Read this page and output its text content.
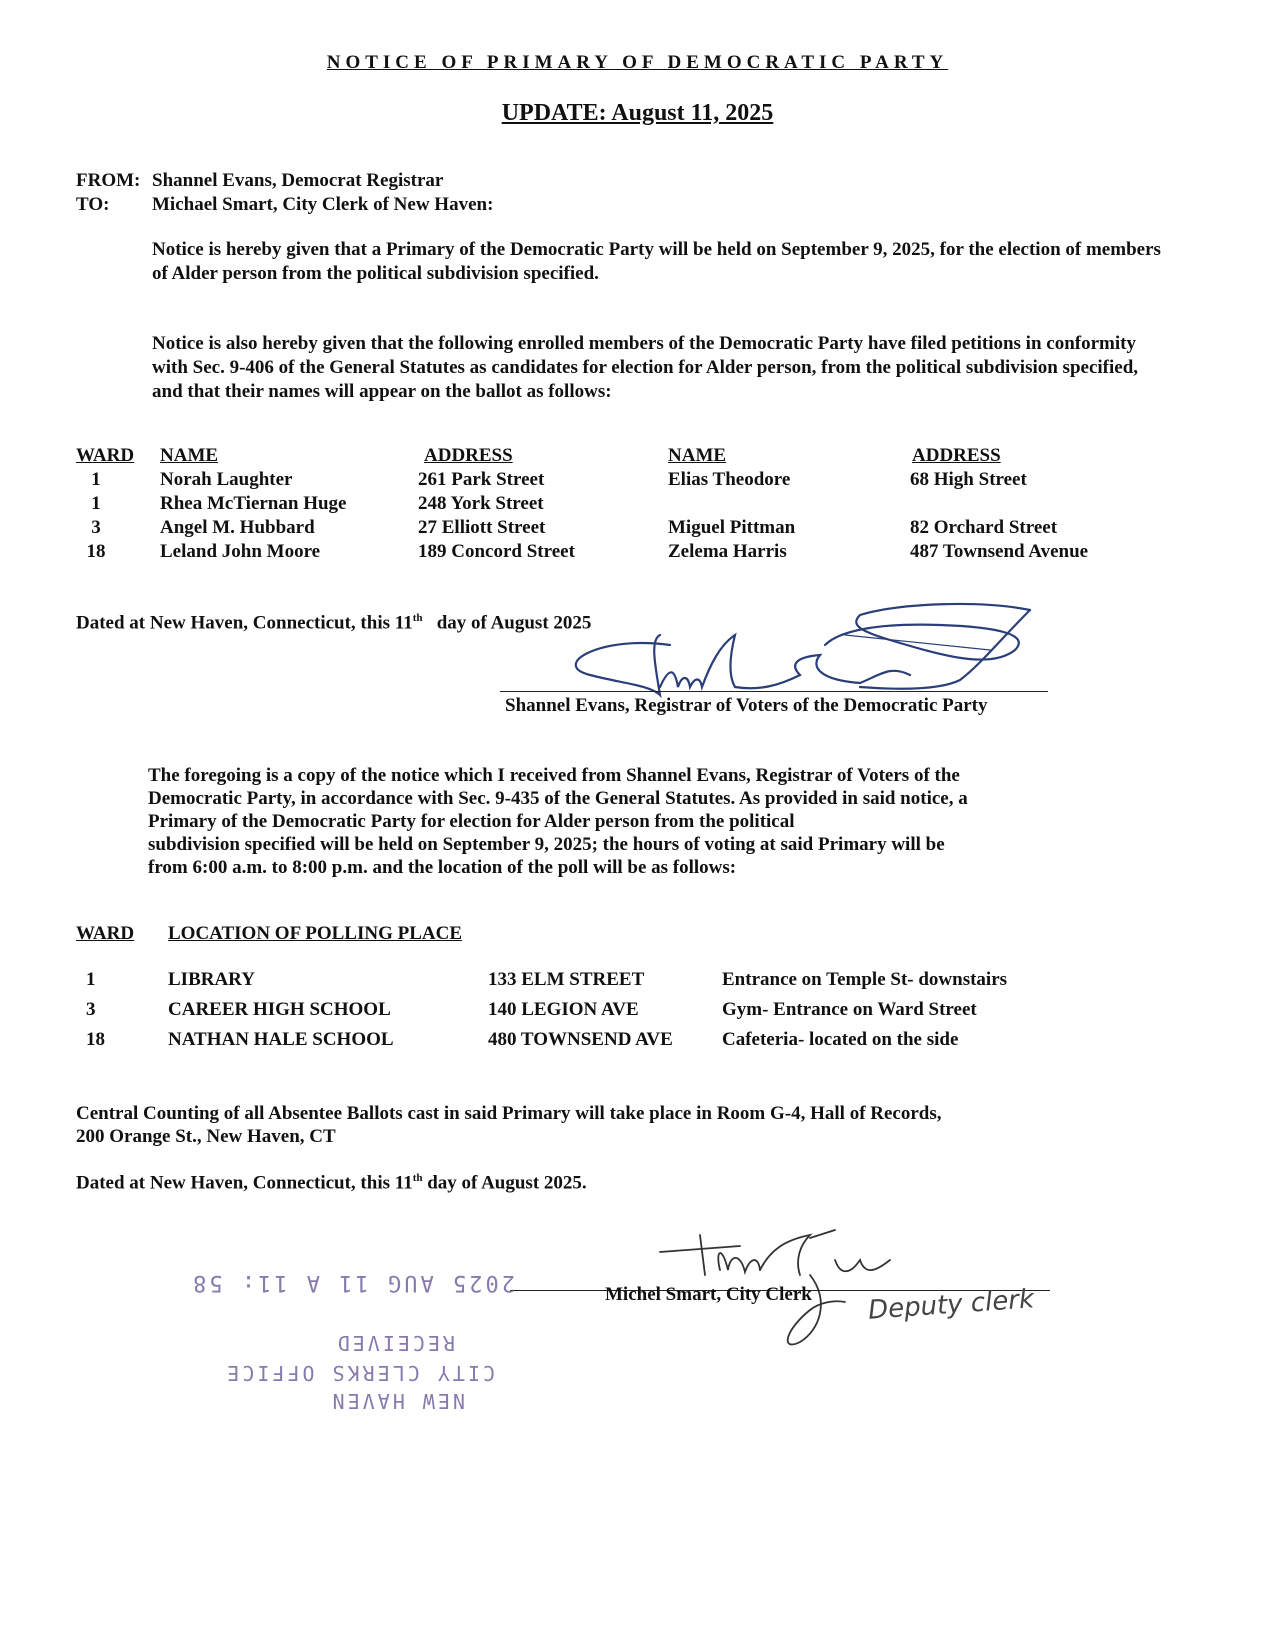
NOTICE OF PRIMARY OF DEMOCRATIC PARTY
UPDATE: August 11, 2025
FROM: Shannel Evans, Democrat Registrar
TO: Michael Smart, City Clerk of New Haven:
Notice is hereby given that a Primary of the Democratic Party will be held on September 9, 2025, for the election of members of Alder person from the political subdivision specified.
Notice is also hereby given that the following enrolled members of the Democratic Party have filed petitions in conformity with Sec. 9-406 of the General Statutes as candidates for election for Alder person, from the political subdivision specified, and that their names will appear on the ballot as follows:
WARD NAME	ADDRESS	NAME	ADDRESS
1	Norah Laughter	261 Park Street	Elias Theodore	68 High Street
1	Rhea McTiernan Huge	248 York Street
3	Angel M. Hubbard	27 Elliott Street	Miguel Pittman	82 Orchard Street
18	Leland John Moore	189 Concord Street	Zelema Harris	487 Townsend Avenue
Dated at New Haven, Connecticut, this 11th day of August 2025
Shannel Evans, Registrar of Voters of the Democratic Party
The foregoing is a copy of the notice which I received from Shannel Evans, Registrar of Voters of the
Democratic Party, in accordance with Sec. 9-435 of the General Statutes. As provided in said notice, a
Primary of the Democratic Party for election for Alder person from the political
subdivision specified will be held on September 9, 2025; the hours of voting at said Primary will be
from 6:00 a.m. to 8:00 p.m. and the location of the poll will be as follows:
WARD LOCATION OF POLLING PLACE
1	LIBRARY	133 ELM STREET	Entrance on Temple St- downstairs
3	CAREER HIGH SCHOOL	140 LEGION AVE	Gym- Entrance on Ward Street
18	NATHAN HALE SCHOOL	480 TOWNSEND AVE	Cafeteria- located on the side
Central Counting of all Absentee Ballots cast in said Primary will take place in Room G-4, Hall of Records,
200 Orange St., New Haven, CT
Dated at New Haven, Connecticut, this 11th day of August 2025.
Michel Smart, City Clerk Deputy clerk
2025 AUG 11 A 11: 58
RECEIVED
CITY CLERKS OFFICE
NEW HAVEN
